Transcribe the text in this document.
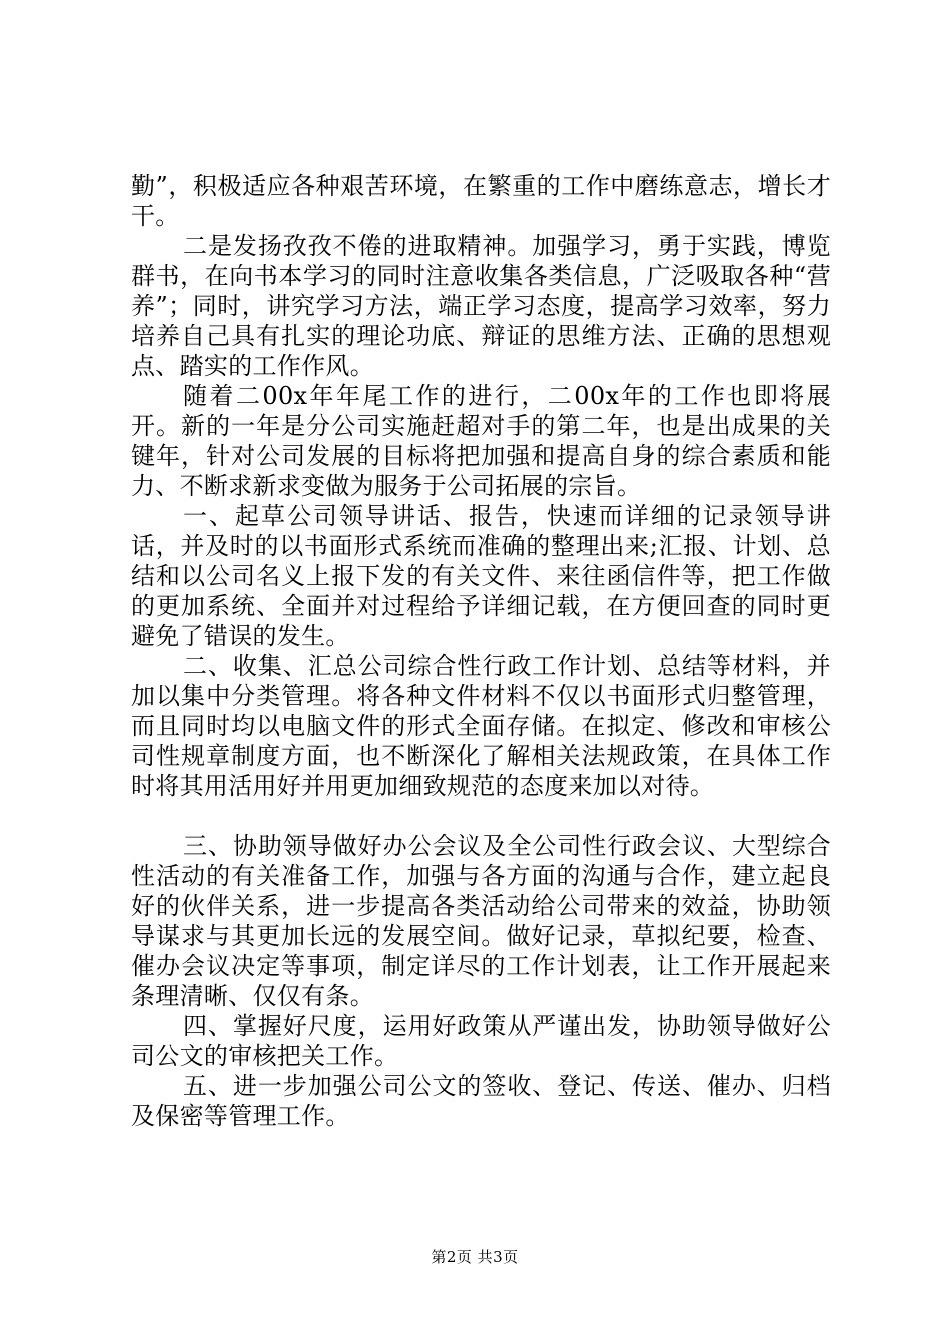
勤”，积极适应各种艰苦环境，在繁重的工作中磨练意志，增长才干。

二是发扬孜孜不倦的进取精神。加强学习，勇于实践，博览群书，在向书本学习的同时注意收集各类信息，广泛吸取各种“营养”；同时，讲究学习方法，端正学习态度，提高学习效率，努力培养自己具有扎实的理论功底、辩证的思维方法、正确的思想观点、踏实的工作作风。

随着二00x年年尾工作的进行，二00x年的工作也即将展开。新的一年是分公司实施赶超对手的第二年，也是出成果的关键年，针对公司发展的目标将把加强和提高自身的综合素质和能力、不断求新求变做为服务于公司拓展的宗旨。

一、起草公司领导讲话、报告，快速而详细的记录领导讲话，并及时的以书面形式系统而准确的整理出来;汇报、计划、总结和以公司名义上报下发的有关文件、来往函信件等，把工作做的更加系统、全面并对过程给予详细记载，在方便回查的同时更避免了错误的发生。

二、收集、汇总公司综合性行政工作计划、总结等材料，并加以集中分类管理。将各种文件材料不仅以书面形式归整管理，而且同时均以电脑文件的形式全面存储。在拟定、修改和审核公司性规章制度方面，也不断深化了解相关法规政策，在具体工作时将其用活用好并用更加细致规范的态度来加以对待。

三、协助领导做好办公会议及全公司性行政会议、大型综合性活动的有关准备工作，加强与各方面的沟通与合作，建立起良好的伙伴关系，进一步提高各类活动给公司带来的效益，协助领导谋求与其更加长远的发展空间。做好记录，草拟纪要，检查、催办会议决定等事项，制定详尽的工作计划表，让工作开展起来条理清晰、仅仅有条。

四、掌握好尺度，运用好政策从严谨出发，协助领导做好公司公文的审核把关工作。

五、进一步加强公司公文的签收、登记、传送、催办、归档及保密等管理工作。

第2页 共3页
